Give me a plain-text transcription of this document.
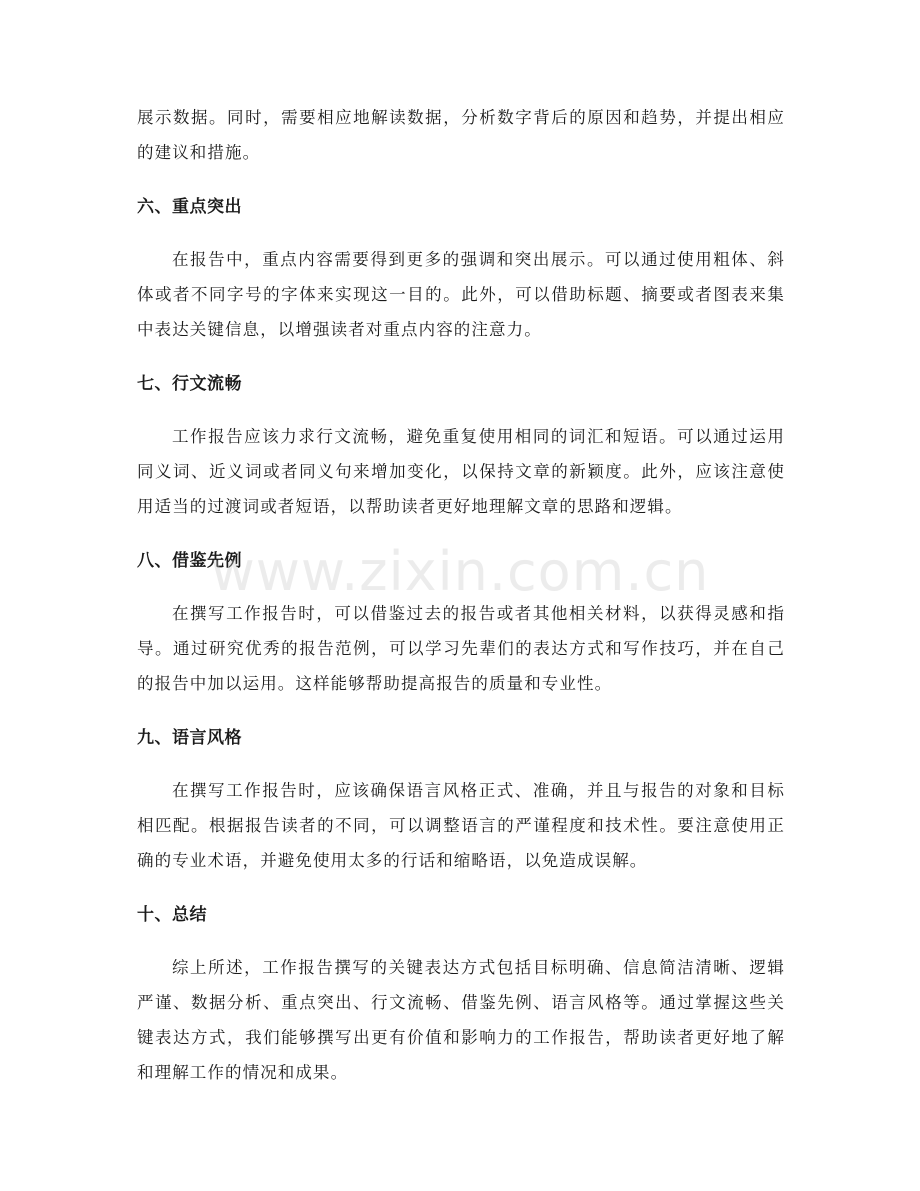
展示数据。同时，需要相应地解读数据，分析数字背后的原因和趋势，并提出相应的建议和措施。

六、重点突出

在报告中，重点内容需要得到更多的强调和突出展示。可以通过使用粗体、斜体或者不同字号的字体来实现这一目的。此外，可以借助标题、摘要或者图表来集中表达关键信息，以增强读者对重点内容的注意力。

七、行文流畅

工作报告应该力求行文流畅，避免重复使用相同的词汇和短语。可以通过运用同义词、近义词或者同义句来增加变化，以保持文章的新颖度。此外，应该注意使用适当的过渡词或者短语，以帮助读者更好地理解文章的思路和逻辑。

八、借鉴先例

在撰写工作报告时，可以借鉴过去的报告或者其他相关材料，以获得灵感和指导。通过研究优秀的报告范例，可以学习先辈们的表达方式和写作技巧，并在自己的报告中加以运用。这样能够帮助提高报告的质量和专业性。

九、语言风格

在撰写工作报告时，应该确保语言风格正式、准确，并且与报告的对象和目标相匹配。根据报告读者的不同，可以调整语言的严谨程度和技术性。要注意使用正确的专业术语，并避免使用太多的行话和缩略语，以免造成误解。

十、总结

综上所述，工作报告撰写的关键表达方式包括目标明确、信息简洁清晰、逻辑严谨、数据分析、重点突出、行文流畅、借鉴先例、语言风格等。通过掌握这些关键表达方式，我们能够撰写出更有价值和影响力的工作报告，帮助读者更好地了解和理解工作的情况和成果。

www.zixin.com.cn
